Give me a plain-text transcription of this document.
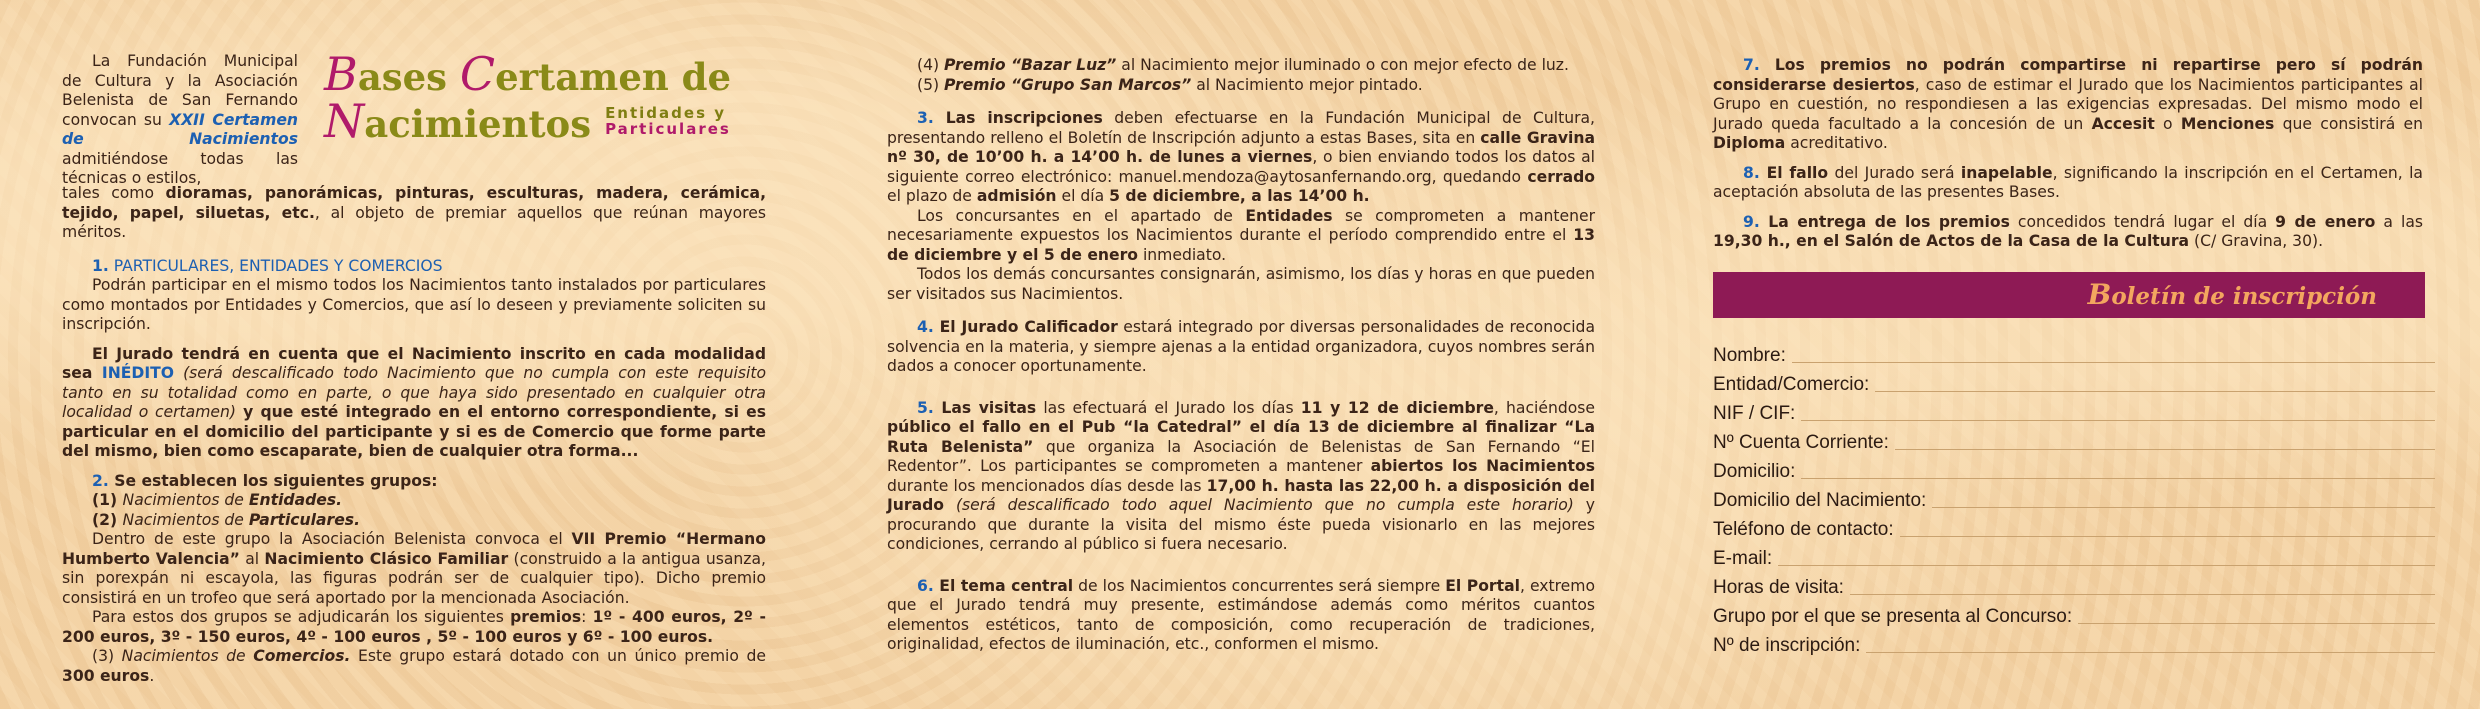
La Fundación Municipal de Cultura y la Asociación Belenista de San Fernando convocan su XXII Certamen de Nacimientos admitiéndose todas las técnicas o estilos,
Bases Certamen de
Nacimientos Entidades y
Particulares

tales como dioramas, panorámicas, pinturas, esculturas, madera, cerámica, tejido, papel, siluetas, etc., al objeto de premiar aquellos que reúnan mayores méritos.

1. PARTICULARES, ENTIDADES Y COMERCIOS

Podrán participar en el mismo todos los Nacimientos tanto instalados por particulares como montados por Entidades y Comercios, que así lo deseen y previamente soliciten su inscripción.

El Jurado tendrá en cuenta que el Nacimiento inscrito en cada modalidad sea INÉDITO (será descalificado todo Nacimiento que no cumpla con este requisito tanto en su totalidad como en parte, o que haya sido presentado en cualquier otra localidad o certamen) y que esté integrado en el entorno correspondiente, si es particular en el domicilio del participante y si es de Comercio que forme parte del mismo, bien como escaparate, bien de cualquier otra forma...

2. Se establecen los siguientes grupos:

(1) Nacimientos de Entidades.

(2) Nacimientos de Particulares.

Dentro de este grupo la Asociación Belenista convoca el VII Premio “Hermano Humberto Valencia” al Nacimiento Clásico Familiar (construido a la antigua usanza, sin porexpán ni escayola, las figuras podrán ser de cualquier tipo). Dicho premio consistirá en un trofeo que será aportado por la mencionada Asociación.

Para estos dos grupos se adjudicarán los siguientes premios: 1º - 400 euros, 2º - 200 euros, 3º - 150 euros, 4º - 100 euros , 5º - 100 euros y 6º - 100 euros.

(3) Nacimientos de Comercios. Este grupo estará dotado con un único premio de 300 euros.

(4) Premio “Bazar Luz” al Nacimiento mejor iluminado o con mejor efecto de luz.

(5) Premio “Grupo San Marcos” al Nacimiento mejor pintado.

3. Las inscripciones deben efectuarse en la Fundación Municipal de Cultura, presentando relleno el Boletín de Inscripción adjunto a estas Bases, sita en calle Gravina nº 30, de 10’00 h. a 14’00 h. de lunes a viernes, o bien enviando todos los datos al siguiente correo electrónico: manuel.mendoza@aytosanfernando.org, quedando cerrado el plazo de admisión el día 5 de diciembre, a las 14’00 h.

Los concursantes en el apartado de Entidades se comprometen a mantener necesariamente expuestos los Nacimientos durante el período comprendido entre el 13 de diciembre y el 5 de enero inmediato.

Todos los demás concursantes consignarán, asimismo, los días y horas en que pueden ser visitados sus Nacimientos.

4. El Jurado Calificador estará integrado por diversas personalidades de reconocida solvencia en la materia, y siempre ajenas a la entidad organizadora, cuyos nombres serán dados a conocer oportunamente.

5. Las visitas las efectuará el Jurado los días 11 y 12 de diciembre, haciéndose público el fallo en el Pub “la Catedral” el día 13 de diciembre al finalizar “La Ruta Belenista” que organiza la Asociación de Belenistas de San Fernando “El Redentor”. Los participantes se comprometen a mantener abiertos los Nacimientos durante los mencionados días desde las 17,00 h. hasta las 22,00 h. a disposición del Jurado (será descalificado todo aquel Nacimiento que no cumpla este horario) y procurando que durante la visita del mismo éste pueda visionarlo en las mejores condiciones, cerrando al público si fuera necesario.

6. El tema central de los Nacimientos concurrentes será siempre El Portal, extremo que el Jurado tendrá muy presente, estimándose además como méritos cuantos elementos estéticos, tanto de composición, como recuperación de tradiciones, originalidad, efectos de iluminación, etc., conformen el mismo.

7. Los premios no podrán compartirse ni repartirse pero sí podrán considerarse desiertos, caso de estimar el Jurado que los Nacimientos participantes al Grupo en cuestión, no respondiesen a las exigencias expresadas. Del mismo modo el Jurado queda facultado a la concesión de un Accesit o Menciones que consistirá en Diploma acreditativo.

8. El fallo del Jurado será inapelable, significando la inscripción en el Certamen, la aceptación absoluta de las presentes Bases.

9. La entrega de los premios concedidos tendrá lugar el día 9 de enero a las 19,30 h., en el Salón de Actos de la Casa de la Cultura (C/ Gravina, 30).

Boletín de inscripción
Nombre:
Entidad/Comercio:
NIF / CIF:
Nº Cuenta Corriente:
Domicilio:
Domicilio del Nacimiento:
Teléfono de contacto:
E-mail:
Horas de visita:
Grupo por el que se presenta al Concurso:
Nº de inscripción:
